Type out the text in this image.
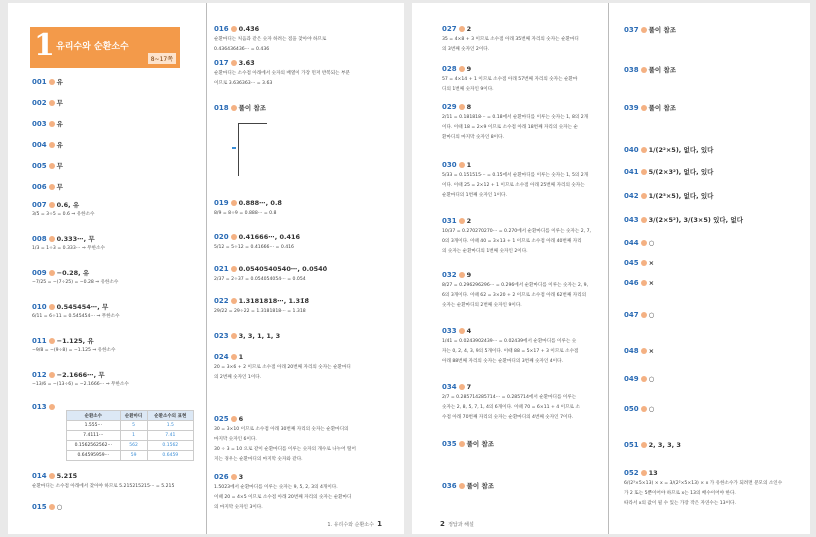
1 유리수와 순환소수
8~17쪽
001 유
002 무
003 유
004 유
005 무
006 무
007 0.6, 유
3/5 = 3÷5 = 0.6 ⇒ 유한소수
008 0.333⋯, 무
1/3 = 1÷3 = 0.333⋯ ⇒ 무한소수
009 −0.28, 유
−7/25 = −(7÷25) = −0.28 ⇒ 유한소수
010 0.545454⋯, 무
6/11 = 6÷11 = 0.545454⋯ ⇒ 무한소수
011 −1.125, 유
−9/8 = −(9÷8) = −1.125 ⇒ 유한소수
012 −2.1666⋯, 무
−13/6 = −(13÷6) = −2.1666⋯ ⇒ 무한소수
013
014 5.21̇5̇
순환마디는 소수점 아래에서 찾아야 하므로 5.215215215⋯ = 5.2̇15̇
015 ○
순환소수	순환마디	순환소수의 표현
1.555⋯	5	1.5̇
7.4111⋯	1	7.41̇
0.1562562562⋯	562	0.15̇62̇
0.64595959⋯	59	0.645̇9̇
016 0.4̇3̇6̇
순환마디는 처음과 같은 숫자 하려는 점을 찾아야 하므로
0.436436436⋯ = 0.4̇36̇
017 3.6̇3̇
순환마디는 소수점 아래에서 숫자의 배열이 가장 먼저 반복되는 부분
이므로 3.636363⋯ = 3.6̇3̇
018 풀이 참조
019 0.888⋯, 0.8̇
8/9 = 8÷9 = 0.888⋯ = 0.8̇
020 0.41666⋯, 0.416̇
5/12 = 5÷12 = 0.41666⋯ = 0.416̇
021 0.0540540540⋯, 0.05̇4̇0̇
2/37 = 2÷37 = 0.054054054⋯ = 0.0̇54̇
022 1.3181818⋯, 1.31̇8̇
29/22 = 29÷22 = 1.3181818⋯ = 1.31̇8̇
023 3, 3, 1, 1, 3
024 1
20 = 3×6 + 2 이므로 소수점 아래 20번째 자리의 숫자는 순환마디
의 2번째 숫자인 1이다.
025 6
30 = 3×10 이므로 소수점 아래 30번째 자리의 숫자는 순환마디의
마지막 숫자인 6이다.
30 ÷ 3 = 10 으로 같이 순환마디를 이루는 숫자의 개수로 나누어 떨어
지는 경우는 순환마디의 마지막 숫자와 같다.
026 3
1.5̇02̇3에서 순환마디를 이루는 숫자는 9, 5, 2, 3의 4개이다.
이때 20 = 4×5 이므로 소수점 아래 20번째 자리의 숫자는 순환마디
의 마지막 숫자인 3이다.
1. 유리수와 순환소수 1
027 2
35 = 4×8 + 3 이므로 소수점 아래 35번째 자리의 숫자는 순환마디
의 3번째 숫자인 2이다.
028 9
57 = 4×14 + 1 이므로 소수점 아래 57번째 자리의 숫자는 순환마
디의 1번째 숫자인 9이다.
029 8
2/11 = 0.181818⋯ = 0.1̇8̇에서 순환마디를 이루는 숫자는 1, 8의 2개
이다. 이때 18 = 2×9 이므로 소수점 아래 18번째 자리의 숫자는 순
환마디의 마지막 숫자인 8이다.
030 1
5/33 = 0.151515⋯ = 0.1̇5̇에서 순환마디를 이루는 숫자는 1, 5의 2개
이다. 이때 25 = 2×12 + 1 이므로 소수점 아래 25번째 자리의 숫자는
순환마디의 1번째 숫자인 1이다.
031 2
10/37 = 0.270270270⋯ = 0.2̇70̇에서 순환마디를 이루는 숫자는 2, 7,
0의 3개이다. 이때 40 = 3×13 + 1 이므로 소수점 아래 40번째 자리
의 숫자는 순환마디의 1번째 숫자인 2이다.
032 9
8/27 = 0.296296296⋯ = 0.2̇96̇에서 순환마디를 이루는 숫자는 2, 9,
6의 3개이다. 이때 62 = 3×20 + 2 이므로 소수점 아래 62번째 자리의
숫자는 순환마디의 2번째 숫자인 9이다.
033 4
1/41 = 0.0243902439⋯ = 0.0̇243̇9̇에서 순환마디를 이루는 숫
자는 0, 2, 4, 3, 9의 5개이다. 이때 88 = 5×17 + 3 이므로 소수점
아래 88번째 자리의 숫자는 순환마디의 3번째 숫자인 4이다.
034 7
2/7 = 0.285714285714⋯ = 0.2̇85714̇에서 순환마디를 이루는
숫자는 2, 8, 5, 7, 1, 4의 6개이다. 이때 70 = 6×11 + 4 이므로 소
수점 아래 70번째 자리의 숫자는 순환마디의 4번째 숫자인 7이다.
035 풀이 참조
036 풀이 참조
037 풀이 참조
038 풀이 참조
039 풀이 참조
040 1/(2²×5), 없다, 있다
041 5/(2×3²), 없다, 있다
042 1/(2³×5), 없다, 있다
043 3/(2×5²), 3/(3×5) 있다, 없다
044 ○
045 ×
046 ×
047 ○
048 ×
049 ○
050 ○
051 2, 3, 3, 3
052 13
6/(2³×5×13) × x = 3/(2²×5×13) × x 가 유한소수가 되려면 분모의 소인수
가 2 또는 5뿐이어야 하므로 x는 13의 배수이어야 한다.
따라서 x의 값이 될 수 있는 가장 작은 자연수는 13이다.
2 정답과 해설
